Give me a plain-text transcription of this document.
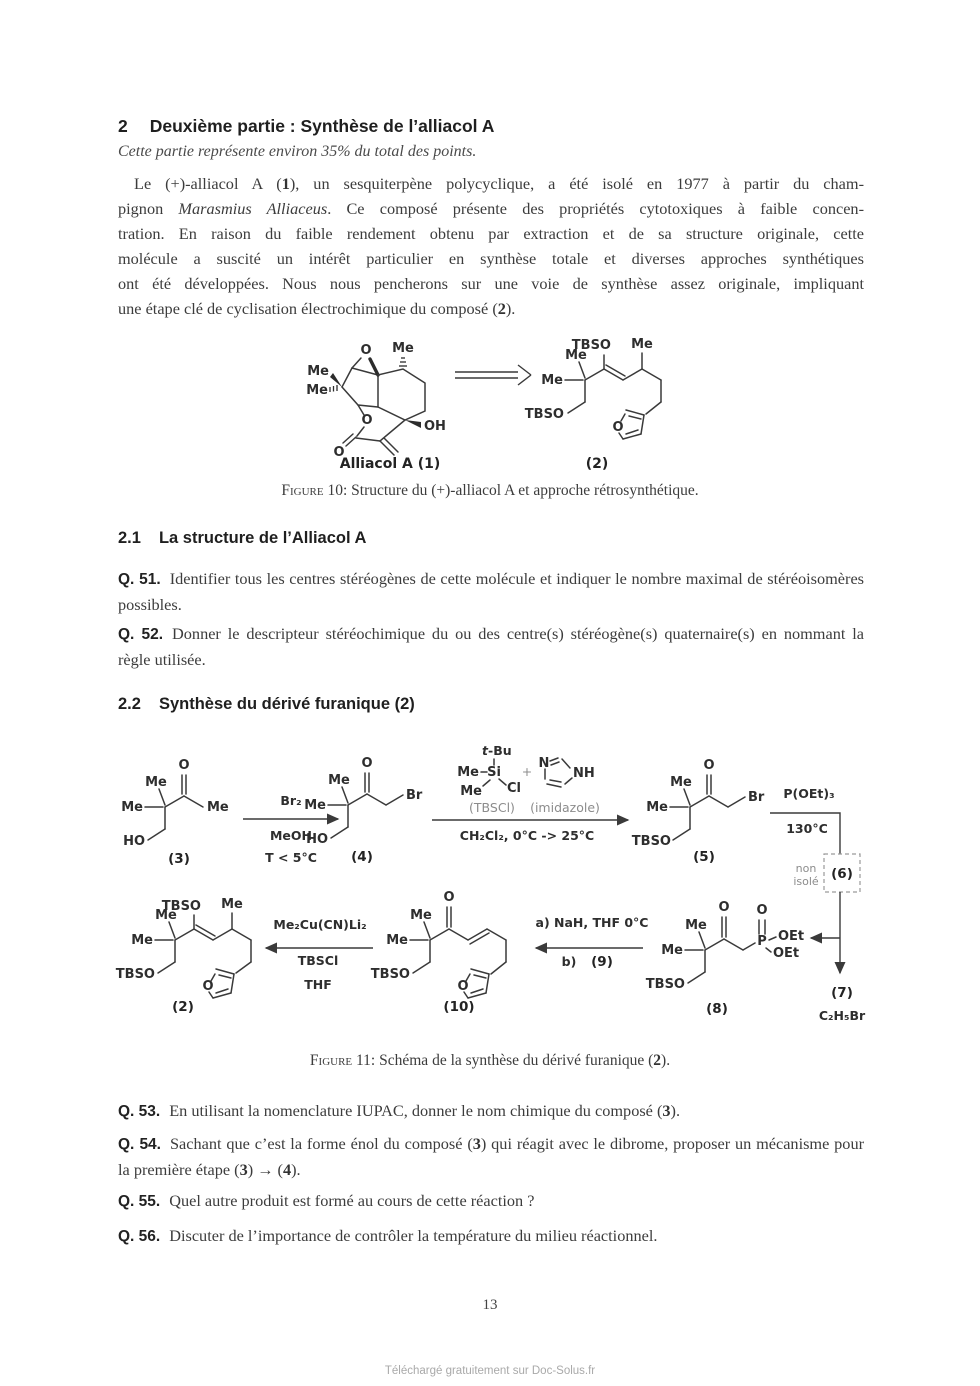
2 Deuxième partie : Synthèse de l’alliacol A
Cette partie représente environ 35% du total des points.
Le (+)-alliacol A (1), un sesquiterpène polycyclique, a été isolé en 1977 à partir du cham-
pignon Marasmius Alliaceus. Ce composé présente des propriétés cytotoxiques à faible concen-
tration. En raison du faible rendement obtenu par extraction et de sa structure originale, cette
molécule a suscité un intérêt particulier en synthèse totale et diverses approches synthétiques
ont été développées. Nous nous pencherons sur une voie de synthèse assez originale, impliquant
une étape clé de cyclisation électrochimique du composé (2).
O Me
Me
Me
O
O
OH
Alliacol A (1)
Me
Me
TBSO Me
O
TBSO
(2)
Figure 10: Structure du (+)-alliacol A et approche rétrosynthétique.
2.1 La structure de l’Alliacol A

Q. 51. Identifier tous les centres stéréogènes de cette molécule et indiquer le nombre maximal de stéréoisomères possibles.

Q. 52. Donner le descripteur stéréochimique du ou des centre(s) stéréogène(s) quaternaire(s) en nommant la règle utilisée.

2.2 Synthèse du dérivé furanique (2)
Me
Me
HO
O
Me
(3)
Br₂
MeOH
T < 5°C
Me
Me
HO
O
Br
(4)
t -Bu
Me Si
Cl
Me
(TBSCl)
+
N
NH
(imidazole)
CH₂Cl₂, 0°C -> 25°C
Me
Me
TBSO
O
Br
(5)
P(OEt)₃
130°C
(6)
non
isolé
(7)
C₂H₅Br
Me
Me
TBSO Me
O
TBSO
(2)
Me₂Cu(CN)Li₂
TBSCl
THF
Me
Me
TBSO
O
O
(10)
a) NaH, THF 0°C
b) (9)
Me
Me
TBSO
O
P
O
OEt
OEt
(8)
Figure 11: Schéma de la synthèse du dérivé furanique (2).

Q. 53. En utilisant la nomenclature IUPAC, donner le nom chimique du composé (3).

Q. 54. Sachant que c’est la forme énol du composé (3) qui réagit avec le dibrome, proposer un mécanisme pour la première étape (3) → (4).

Q. 55. Quel autre produit est formé au cours de cette réaction ?

Q. 56. Discuter de l’importance de contrôler la température du milieu réactionnel.

13
Téléchargé gratuitement sur Doc-Solus.fr
